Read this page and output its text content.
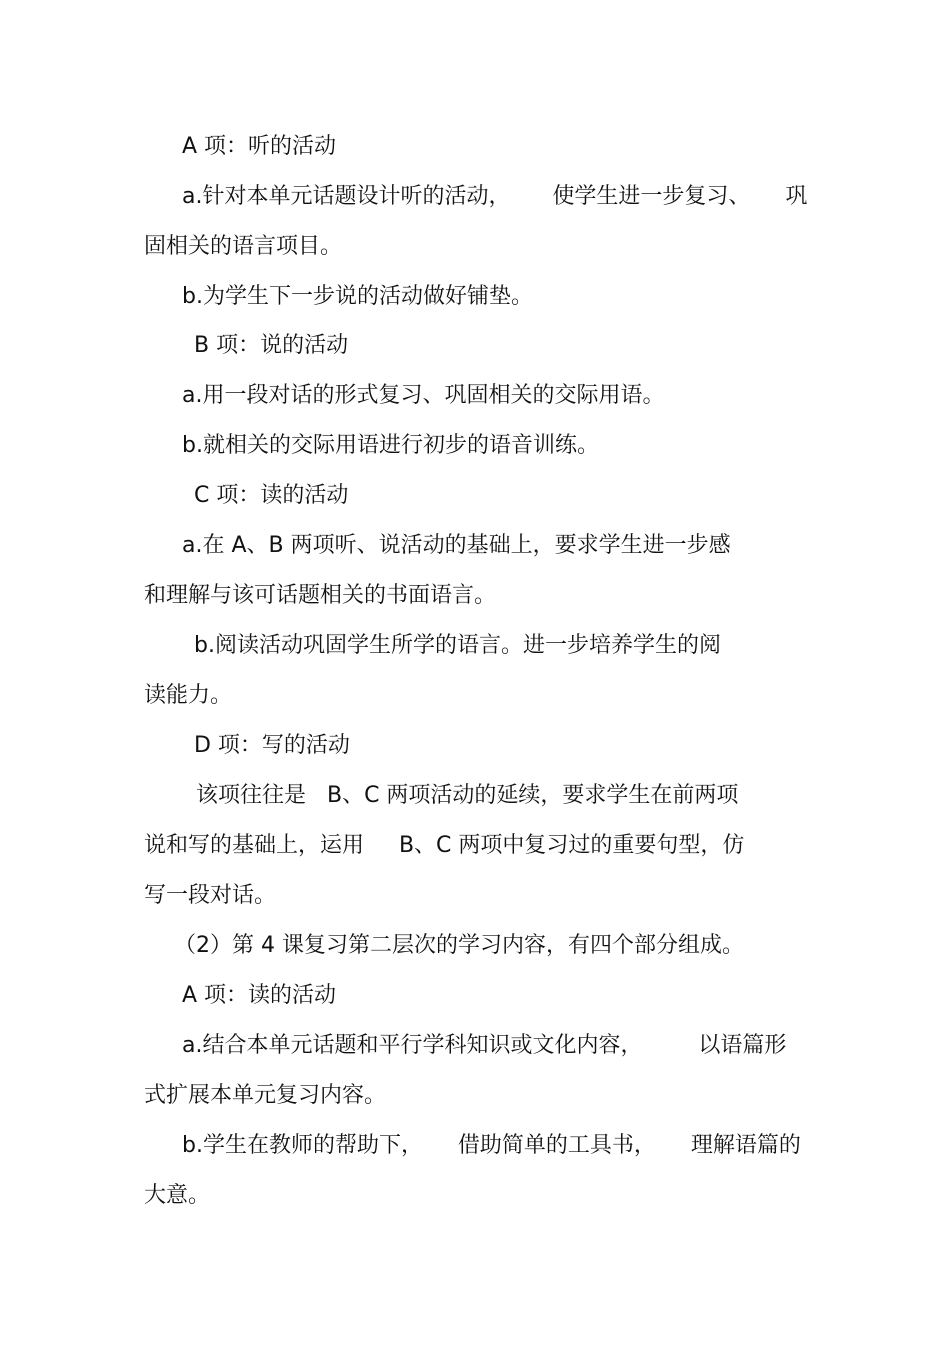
A 项：听的活动
a.针对本单元话题设计听的活动，      使学生进一步复习、     巩
固相关的语言项目。
b.为学生下一步说的活动做好铺垫。
B 项：说的活动
a.用一段对话的形式复习、巩固相关的交际用语。
b.就相关的交际用语进行初步的语音训练。
C 项：读的活动
a.在 A、B 两项听、说活动的基础上，要求学生进一步感
和理解与该可话题相关的书面语言。
b.阅读活动巩固学生所学的语言。进一步培养学生的阅
读能力。
D 项：写的活动
该项往往是   B、C 两项活动的延续，要求学生在前两项
说和写的基础上，运用     B、C 两项中复习过的重要句型，仿
写一段对话。
（2）第 4 课复习第二层次的学习内容，有四个部分组成。
A 项：读的活动
a.结合本单元话题和平行学科知识或文化内容，        以语篇形
式扩展本单元复习内容。
b.学生在教师的帮助下，     借助简单的工具书，     理解语篇的
大意。
